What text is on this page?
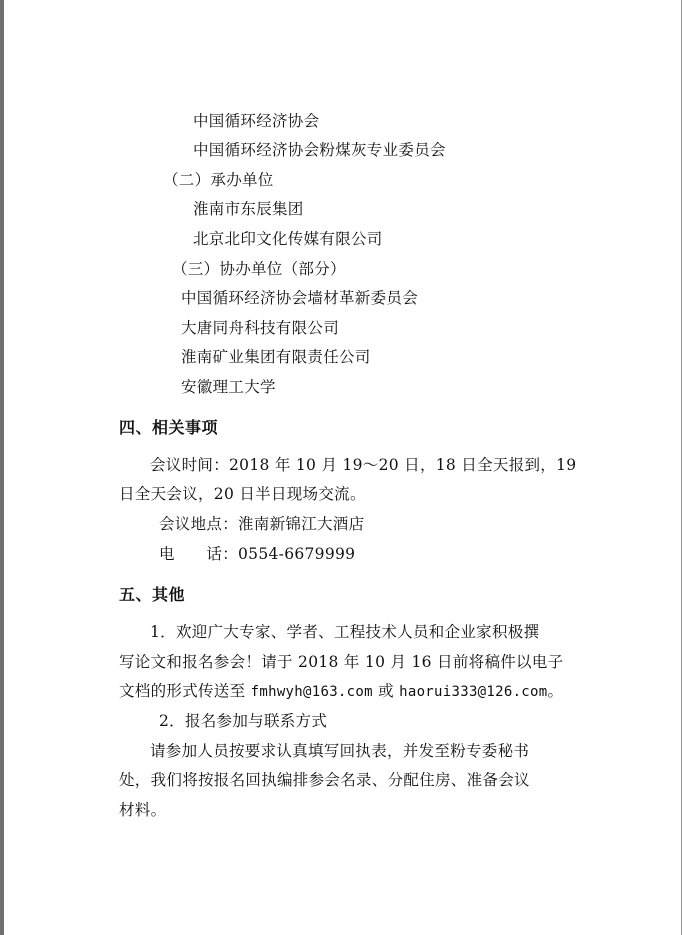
中国循环经济协会
中国循环经济协会粉煤灰专业委员会
（二）承办单位
淮南市东辰集团
北京北印文化传媒有限公司
（三）协办单位（部分）
中国循环经济协会墙材革新委员会
大唐同舟科技有限公司
淮南矿业集团有限责任公司
安徽理工大学
四、相关事项
会议时间：2018 年 10 月 19～20 日，18 日全天报到，19
日全天会议，20 日半日现场交流。
会议地点：淮南新锦江大酒店
电　　话：0554-6679999
五、其他
1．欢迎广大专家、学者、工程技术人员和企业家积极撰
写论文和报名参会！请于 2018 年 10 月 16 日前将稿件以电子
文档的形式传送至 fmhwyh@163.com 或 haorui333@126.com。
2．报名参加与联系方式
请参加人员按要求认真填写回执表，并发至粉专委秘书
处，我们将按报名回执编排参会名录、分配住房、准备会议
材料。
